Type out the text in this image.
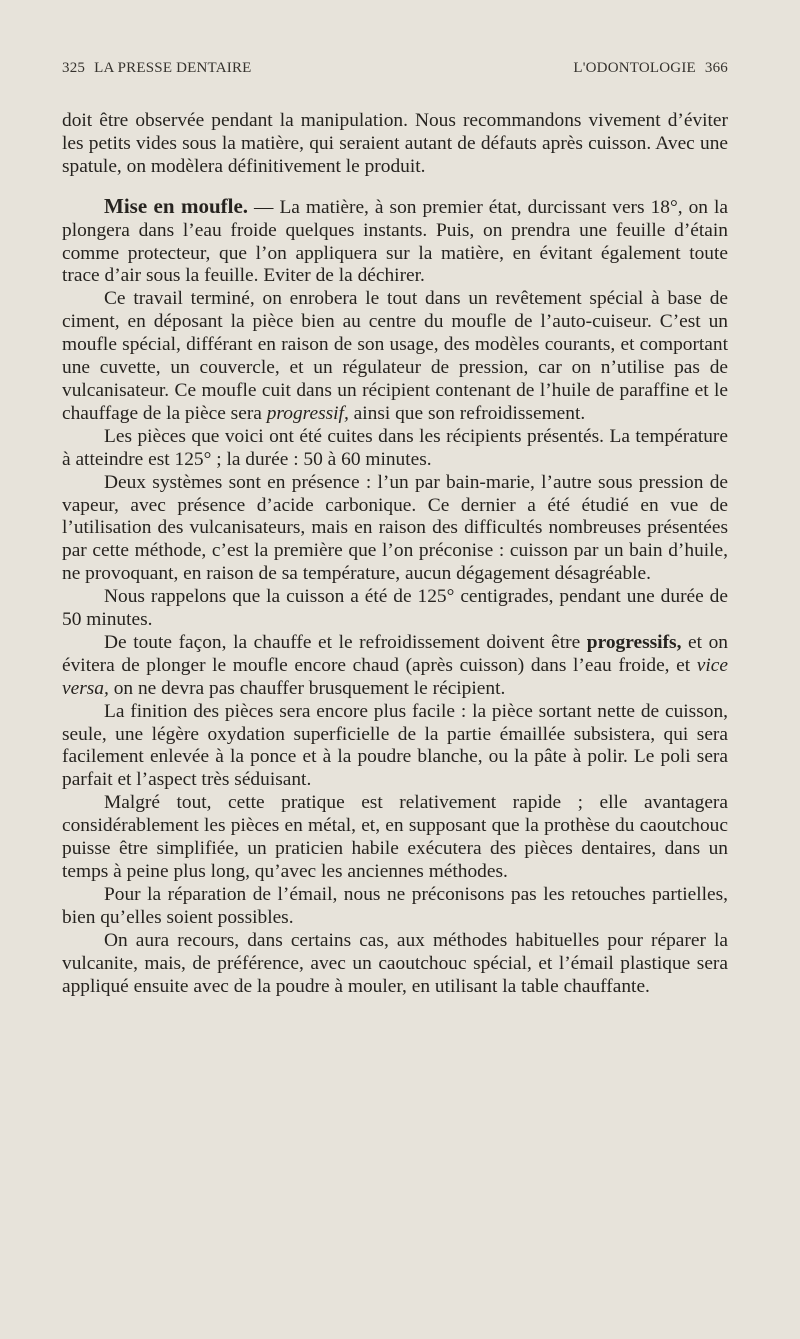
325 LA PRESSE DENTAIRE	L'ODONTOLOGIE 366

doit être observée pendant la manipulation. Nous recommandons vivement d’éviter les petits vides sous la matière, qui seraient autant de défauts après cuisson. Avec une spatule, on modèlera définitivement le produit.

Mise en moufle. — La matière, à son premier état, durcissant vers 18°, on la plongera dans l’eau froide quelques instants. Puis, on prendra une feuille d’étain comme protecteur, que l’on appliquera sur la matière, en évitant également toute trace d’air sous la feuille. Eviter de la déchirer.

Ce travail terminé, on enrobera le tout dans un revêtement spécial à base de ciment, en déposant la pièce bien au centre du moufle de l’auto-cuiseur. C’est un moufle spécial, différant en raison de son usage, des modèles courants, et comportant une cuvette, un couvercle, et un régulateur de pression, car on n’utilise pas de vulcanisateur. Ce moufle cuit dans un récipient contenant de l’huile de paraffine et le chauffage de la pièce sera progressif, ainsi que son refroidissement.

Les pièces que voici ont été cuites dans les récipients présentés. La température à atteindre est 125° ; la durée : 50 à 60 minutes.

Deux systèmes sont en présence : l’un par bain-marie, l’autre sous pression de vapeur, avec présence d’acide carbonique. Ce dernier a été étudié en vue de l’utilisation des vulcanisateurs, mais en raison des difficultés nombreuses présentées par cette méthode, c’est la première que l’on préconise : cuisson par un bain d’huile, ne provoquant, en raison de sa température, aucun dégagement désagréable.

Nous rappelons que la cuisson a été de 125° centigrades, pendant une durée de 50 minutes.

De toute façon, la chauffe et le refroidissement doivent être progressifs, et on évitera de plonger le moufle encore chaud (après cuisson) dans l’eau froide, et vice versa, on ne devra pas chauffer brusquement le récipient.

La finition des pièces sera encore plus facile : la pièce sortant nette de cuisson, seule, une légère oxydation superficielle de la partie émaillée subsistera, qui sera facilement enlevée à la ponce et à la poudre blanche, ou la pâte à polir. Le poli sera parfait et l’aspect très séduisant.

Malgré tout, cette pratique est relativement rapide ; elle avantagera considérablement les pièces en métal, et, en supposant que la prothèse du caoutchouc puisse être simplifiée, un praticien habile exécutera des pièces dentaires, dans un temps à peine plus long, qu’avec les anciennes méthodes.

Pour la réparation de l’émail, nous ne préconisons pas les retouches partielles, bien qu’elles soient possibles.

On aura recours, dans certains cas, aux méthodes habituelles pour réparer la vulcanite, mais, de préférence, avec un caoutchouc spécial, et l’émail plastique sera appliqué ensuite avec de la poudre à mouler, en utilisant la table chauffante.
